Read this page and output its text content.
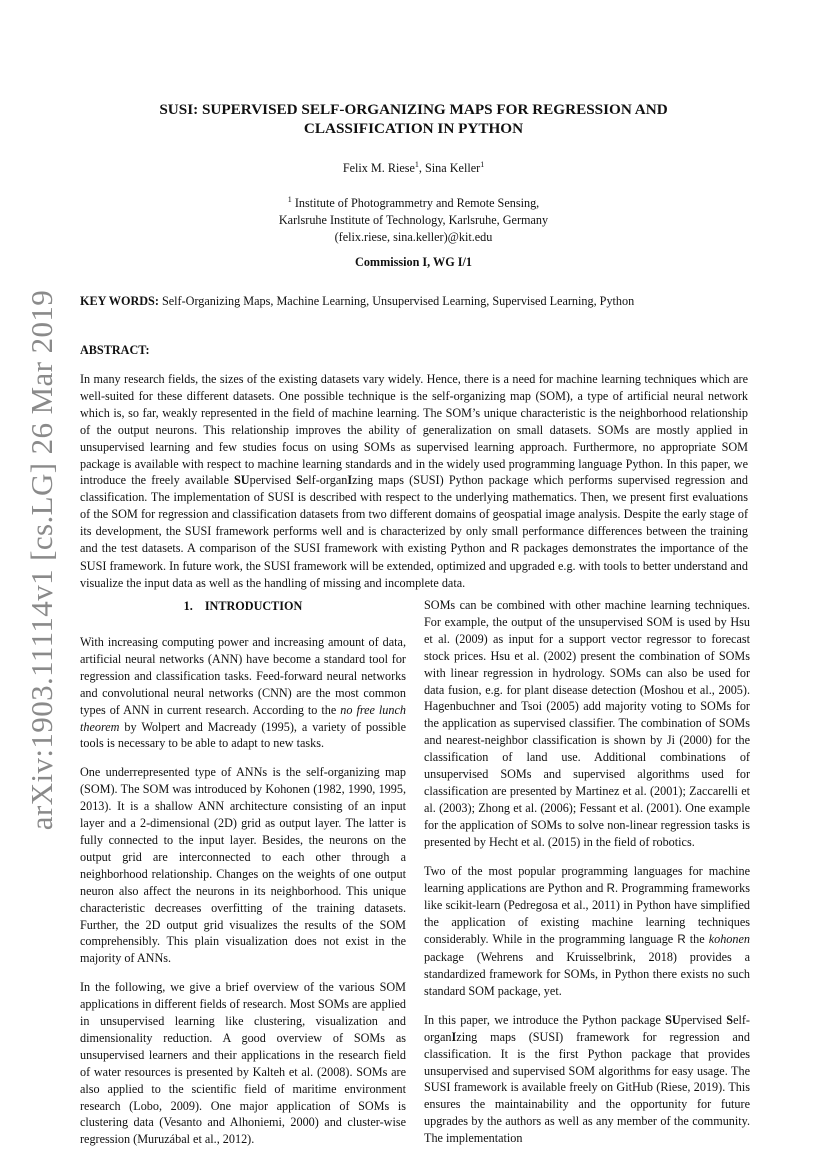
arXiv:1903.11114v1 [cs.LG] 26 Mar 2019
SUSI: SUPERVISED SELF-ORGANIZING MAPS FOR REGRESSION AND
CLASSIFICATION IN PYTHON
Felix M. Riese$^1$, Sina Keller$^1$
$^1$ Institute of Photogrammetry and Remote Sensing,
Karlsruhe Institute of Technology, Karlsruhe, Germany
(felix.riese, sina.keller)@kit.edu
Commission I, WG I/1
KEY WORDS: Self-Organizing Maps, Machine Learning, Unsupervised Learning, Supervised Learning, Python
ABSTRACT:

In many research fields, the sizes of the existing datasets vary widely. Hence, there is a need for machine learning techniques which are well-suited for these different datasets. One possible technique is the self-organizing map (SOM), a type of artificial neural network which is, so far, weakly represented in the field of machine learning. The SOM’s unique characteristic is the neighborhood relationship of the output neurons. This relationship improves the ability of generalization on small datasets. SOMs are mostly applied in unsupervised learning and few studies focus on using SOMs as supervised learning approach. Furthermore, no appropriate SOM package is available with respect to machine learning standards and in the widely used programming language Python. In this paper, we introduce the freely available SUpervised Self-organIzing maps (SUSI) Python package which performs supervised regression and classification. The implementation of SUSI is described with respect to the underlying mathematics. Then, we present first evaluations of the SOM for regression and classification datasets from two different domains of geospatial image analysis. Despite the early stage of its development, the SUSI framework performs well and is characterized by only small performance differences between the training and the test datasets. A comparison of the SUSI framework with existing Python and R packages demonstrates the importance of the SUSI framework. In future work, the SUSI framework will be extended, optimized and upgraded e.g. with tools to better understand and visualize the input data as well as the handling of missing and incomplete data.

1. INTRODUCTION

With increasing computing power and increasing amount of data, artificial neural networks (ANN) have become a standard tool for regression and classification tasks. Feed-forward neural networks and convolutional neural networks (CNN) are the most common types of ANN in current research. According to the no free lunch theorem by Wolpert and Macready (1995), a variety of possible tools is necessary to be able to adapt to new tasks.

One underrepresented type of ANNs is the self-organizing map (SOM). The SOM was introduced by Kohonen (1982, 1990, 1995, 2013). It is a shallow ANN architecture consisting of an input layer and a 2-dimensional (2D) grid as output layer. The latter is fully connected to the input layer. Besides, the neurons on the output grid are interconnected to each other through a neighborhood relationship. Changes on the weights of one output neuron also affect the neurons in its neighborhood. This unique characteristic decreases overfitting of the training datasets. Further, the 2D output grid visualizes the results of the SOM comprehensibly. This plain visualization does not exist in the majority of ANNs.

In the following, we give a brief overview of the various SOM applications in different fields of research. Most SOMs are applied in unsupervised learning like clustering, visualization and dimensionality reduction. A good overview of SOMs as unsupervised learners and their applications in the research field of water resources is presented by Kalteh et al. (2008). SOMs are also applied to the scientific field of maritime environment research (Lobo, 2009). One major application of SOMs is clustering data (Vesanto and Alhoniemi, 2000) and cluster-wise regression (Muruzábal et al., 2012).

SOMs can be combined with other machine learning techniques. For example, the output of the unsupervised SOM is used by Hsu et al. (2009) as input for a support vector regressor to forecast stock prices. Hsu et al. (2002) present the combination of SOMs with linear regression in hydrology. SOMs can also be used for data fusion, e.g. for plant disease detection (Moshou et al., 2005). Hagenbuchner and Tsoi (2005) add majority voting to SOMs for the application as supervised classifier. The combination of SOMs and nearest-neighbor classification is shown by Ji (2000) for the classification of land use. Additional combinations of unsupervised SOMs and supervised algorithms used for classification are presented by Martinez et al. (2001); Zaccarelli et al. (2003); Zhong et al. (2006); Fessant et al. (2001). One example for the application of SOMs to solve non-linear regression tasks is presented by Hecht et al. (2015) in the field of robotics.

Two of the most popular programming languages for machine learning applications are Python and R. Programming frameworks like scikit-learn (Pedregosa et al., 2011) in Python have simplified the application of existing machine learning techniques considerably. While in the programming language R the kohonen package (Wehrens and Kruisselbrink, 2018) provides a standardized framework for SOMs, in Python there exists no such standard SOM package, yet.

In this paper, we introduce the Python package SUpervised Self-organIzing maps (SUSI) framework for regression and classification. It is the first Python package that provides unsupervised and supervised SOM algorithms for easy usage. The SUSI framework is available freely on GitHub (Riese, 2019). This ensures the maintainability and the opportunity for future upgrades by the authors as well as any member of the community. The implementation
